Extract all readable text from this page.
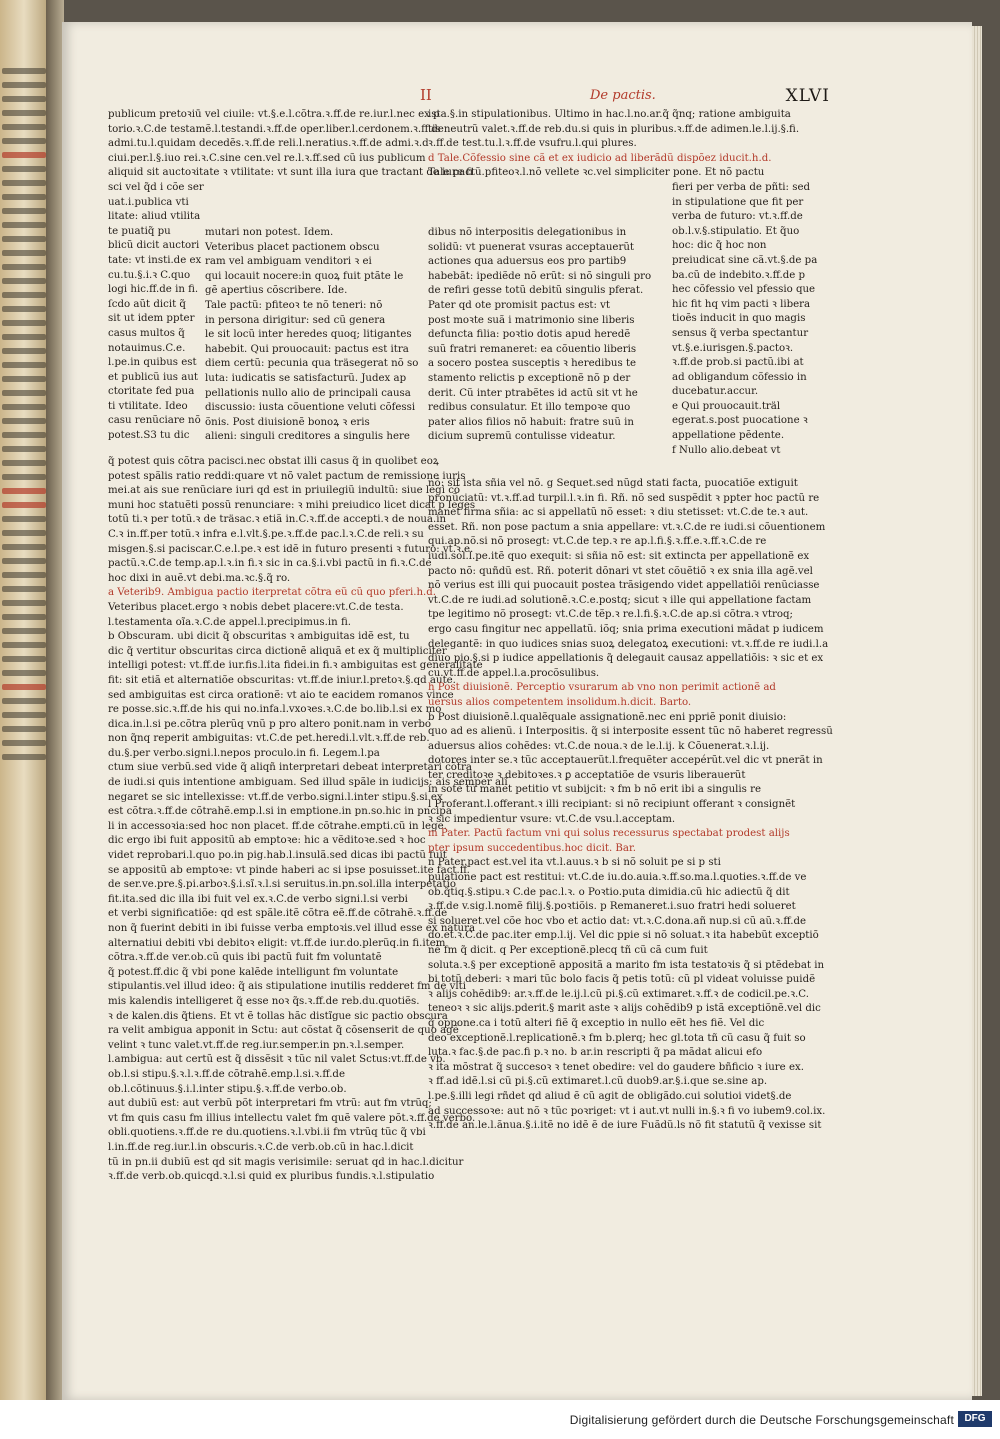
II	De pactis.	XLVI

publicum pretoꝛiū vel ciuile: vt.§.e.l.cõtra.ꝛ.ff.de re.iur.l.nec ex p

torio.ꝛ.C.de testamẽ.l.testandi.ꝛ.ff.de oper.liber.l.cerdonem.ꝛ.ff.de

admi.tu.l.quidam decedẽs.ꝛ.ff.de reli.l.neratius.ꝛ.ff.de admi.ꝛ.d

ciui.per.l.§.iuo rei.ꝛ.C.sine cen.vel re.l.ꝛ.ff.sed cũ ius publicum

aliquid sit auctoꝛitate ꝛ vtilitate: vt sunt illa iura que tractant de iure fi

sci vel q̃d i cõe ser

uat.i.publica vti

litate: aliud vtilita

te puatiq̃ pu

blicũ dicit auctori

tate: vt insti.de ex

cu.tu.§.i.ꝛ C.quo

logi hic.ff.de in fi.

ſcdo aũt dicit q̃

sit ut idem ppter

casus multos q̃

notauimus.C.e.

l.pe.in quibus est

et publicũ ius aut

ctoritate fed pua

ti vtilitate. Ideo

casu renũciare nõ

potest.S3 tu dic

mutari non potest. Idem.

Veteribus placet pactionem obscu

ram vel ambiguam venditori ꝛ ei

qui locauit nocere:in quoꝝ fuit ptãte le

gẽ apertius cõscribere. Ide.

Tale pactũ: pfiteoꝛ te nõ teneri: nõ

in persona dirigitur: sed cũ genera

le sit locũ inter heredes quoq; litigantes

habebit. Qui prouocauit: pactus est itra

diem certũ: pecunia qua träsegerat nõ so

luta: iudicatis se satisfacturũ. Judex ap

pellationis nullo alio de principali causa

discussio: iusta cõuentione veluti cõfessi

õnis. Post diuisionẽ bonoꝝ ꝛ eris

alieni: singuli creditores a singulis here

q̃ potest quis cõtra pacisci.nec obstat illi casus q̃ in quolibet eoꝝ

potest spãlis ratio reddi:quare vt nõ valet pactum de remissione iuris

mei.at ais sue renũciare iuri qd est in priuilegiũ indultũ: siue legi cõ

muni hoc statuẽti possũ renunciare: ꝛ mihi preiudico licet dicat p leges

totũ ti.ꝛ per totũ.ꝛ de träsac.ꝛ etiã in.C.ꝛ.ff.de accepti.ꝛ de noua.in

C.ꝛ in.ff.per totũ.ꝛ infra e.l.vlt.§.pe.ꝛ.ff.de pac.l.ꝛ.C.de reli.ꝛ su

misgen.§.si paciscar.C.e.l.pe.ꝛ est idẽ in futuro presenti ꝛ futuro: vt.ꝛ.e.

pactũ.ꝛ.C.de temp.ap.l.ꝛ.in fi.ꝛ sic in ca.§.i.vbi pactũ in fi.ꝛ.C.de

hoc dixi in auẽ.vt debi.ma.ꝛc.§.q̃ ro.

a Veterib9. Ambigua pactio iterpretat cõtra eũ cũ quo pferi.h.d.

Veteribus placet.ergo ꝛ nobis debet placere:vt.C.de testa.

l.testamenta oĩa.ꝛ.C.de appel.l.precipimus.in fi.

b Obscuram. ubi dicit q̃ obscuritas ꝛ ambiguitas idẽ est, tu

dic q̃ vertitur obscuritas circa dictionẽ aliquã et ex q̃ multipliciter

intelligi potest: vt.ff.de iur.fis.l.ita fidei.in fi.ꝛ ambiguitas est generalitate

fit: sit etiã et alternatiõe obscuritas: vt.ff.de iniur.l.pretoꝛ.§.qd aute.

sed ambiguitas est circa orationẽ: vt aio te eacidem romanos vince

re posse.sic.ꝛ.ff.de his qui no.infa.l.vxoꝛes.ꝛ.C.de bo.lib.l.si ex mo

dica.in.l.si pe.cõtra plerũq vnũ p pro altero ponit.nam in verbo

non q̃nq reperit ambiguitas: vt.C.de pet.heredi.l.vlt.ꝛ.ff.de reb.

du.§.per verbo.signi.l.nepos proculo.in fi. Legem.l.pa

ctum siue verbũ.sed vide q̃ aliqñ interpretari debeat interpretari cõtra

de iudi.si quis intentione ambiguam. Sed illud spãle in iudicijs: ais semper alĩ

negaret se sic intellexisse: vt.ff.de verbo.signi.l.inter stipu.§.si ex

est cõtra.ꝛ.ff.de cõtrahẽ.emp.l.si in emptione.in pn.so.hic in pncipa

li in accessoꝛia:sed hoc non placet. ff.de cõtrahe.empti.cũ in lege.

dic ergo ibi fuit appositũ ab emptoꝛe: hic a vẽditoꝛe.sed ꝛ hoc

videt reprobari.l.quo po.in pig.hab.l.insulã.sed dicas ibi pactũ fuit

se appositũ ab emptoꝛe: vt pinde haberi ac si ipse posuisset.ite fact.ff.

de ser.ve.pre.§.pi.arboꝛ.§.i.sĩ.ꝛ.l.si seruitus.in.pn.sol.illa interpetatio

fit.ita.sed dic illa ibi fuit vel ex.ꝛ.C.de verbo signi.l.si verbi

et verbi significatiõe: qd est spãle.itẽ cõtra eẽ.ff.de cõtrahẽ.ꝛ.ff.de

non q̃ fuerint debiti in ibi fuisse verba emptoꝛis.vel illud esse ex natura

alternatiui debiti vbi debitoꝛ eligit: vt.ff.de iur.do.plerũq.in fi.item

cõtra.ꝛ.ff.de ver.ob.cũ quis ibi pactũ fuit fm voluntatẽ

q̃ potest.ff.dic q̃ vbi pone kalẽde intelligunt fm voluntate

stipulantis.vel illud ideo: q̃ ais stipulatione inutilis redderet fm de vlti

mis kalendis intelligeret q̃ esse noꝛ q̃s.ꝛ.ff.de reb.du.quotiẽs.

ꝛ de kalen.dis q̃tiens. Et vt ẽ tollas hãc distĩgue sic pactio obscura

ra velit ambigua apponit in Sctu: aut cõstat q̃ cõsenserit de quo agẽ

velint ꝛ tunc valet.vt.ff.de reg.iur.semper.in pn.ꝛ.l.semper.

l.ambigua: aut certũ est q̃ dissẽsit ꝛ tũc nil valet Sctus:vt.ff.de vb.

ob.l.si stipu.§.ꝛ.l.ꝛ.ff.de cõtrahẽ.emp.l.si.ꝛ.ff.de

ob.l.cõtinuus.§.i.l.inter stipu.§.ꝛ.ff.de verbo.ob.

aut dubiũ est: aut verbũ põt interpretari fm vtrũ: aut fm vtrũq;

vt fm quis casu fm illius intellectu valet fm quẽ valere põt.ꝛ.ff.de verbo.

obli.quotiens.ꝛ.ff.de re du.quotiens.ꝛ.l.vbi.ii fm vtrũq tũc q̃ vbi

l.in.ff.de reg.iur.l.in obscuris.ꝛ.C.de verb.ob.cũ in hac.l.dicit

tũ in pn.ii dubiũ est qd sit magis verisimile: seruat qd in hac.l.dicitur

ꝛ.ff.de verb.ob.quicqd.ꝛ.l.si quid ex pluribus fundis.ꝛ.l.stipulatio

ista.§.in stipulationibus. Ultimo in hac.l.no.ar.q̃ q̃nq; ratione ambiguita

tis neutrũ valet.ꝛ.ff.de reb.du.si quis in pluribus.ꝛ.ff.de adimen.le.l.ij.§.fi.

ꝛ.ff.de test.tu.l.ꝛ.ff.de vsufru.l.qui plures.

d Tale.Cõfessio sine cã et ex iudicio ad liberãdũ dispõez iducit.h.d.

Tale pactũ.pfiteoꝛ.l.nõ vellete ꝛc.vel simpliciter pone. Et nõ pactu

fieri per verba de pñti: sed

in stipulatione que fit per

verba de futuro: vt.ꝛ.ff.de

ob.l.v.§.stipulatio. Et q̃uo

hoc: dic q̃ hoc non

preiudicat sine cã.vt.§.de pa

ba.cũ de indebito.ꝛ.ff.de p

hec cõfessio vel pfessio que

hic fit hq vim pacti ꝛ libera

tioẽs inducit in quo magis

sensus q̃ verba spectantur

vt.§.e.iurisgen.§.pactoꝛ.

ꝛ.ff.de prob.si pactũ.ibi at

ad obligandum cõfessio in

ducebatur.accur.

e Qui prouocauit.träl

egerat.s.post puocatione ꝛ

appellatione pẽdente.

f Nullo alio.debeat vt

dibus nõ interpositis delegationibus in

solidũ: vt puenerat vsuras acceptauerũt

actiones qua aduersus eos pro partib9

habebãt: ipediẽde nõ erũt: si nõ singuli pro

de refiri gesse totũ debitũ singulis pferat.

Pater qd ote promisit pactus est: vt

post moꝛte suã i matrimonio sine liberis

defuncta filia: poꝛtio dotis apud heredẽ

suũ fratri remaneret: ea cõuentio liberis

a socero postea susceptis ꝛ heredibus te

stamento relictis p exceptionẽ nõ p der

derit. Cũ inter ptrabẽtes id actũ sit vt he

redibus consulatur. Et illo tempoꝛe quo

pater alios filios nõ habuit: fratre suũ in

dicium supremũ contulisse videatur.

nõ: sit ista sñia vel nõ. g Sequet.sed nũgd stati facta, puocatiõe extiguit

pronũciatũ: vt.ꝛ.ff.ad turpil.l.ꝛ.in fi. Rñ. nõ sed suspẽdit ꝛ ppter hoc pactũ re

manet firma sñia: ac si appellatũ nõ esset: ꝛ diu stetisset: vt.C.de te.ꝛ aut.

esset. Rñ. non pose pactum a snia appellare: vt.ꝛ.C.de re iudi.si cõuentionem

qui.ap.nõ.si nõ prosegt: vt.C.de tep.ꝛ re ap.l.fi.§.ꝛ.ff.e.ꝛ.ff.ꝛ.C.de re

iudi.sol.l.pe.itẽ quo exequit: si sñia nõ est: sit extincta per appellationẽ ex

pacto nõ: quñdũ est. Rñ. poterit dõnari vt stet cõuẽtiõ ꝛ ex snia illa agẽ.vel

nõ verius est illi qui puocauit postea trãsigendo videt appellatiõi renũciasse

vt.C.de re iudi.ad solutionẽ.ꝛ.C.e.postq; sicut ꝛ ille qui appellatione factam

tpe legitimo nõ prosegt: vt.C.de tẽp.ꝛ re.l.fi.§.ꝛ.C.de ap.si cõtra.ꝛ vtroq;

ergo casu fingitur nec appellatũ. iõq; snia prima executioni mãdat p iudicem

delegantẽ: in quo iudices snias suoꝝ delegatoꝝ executioni: vt.ꝛ.ff.de re iudi.l.a

diuo pio.§.si p iudice appellationis q̃ delegauit causaz appellatiõis: ꝛ sic et ex

cu.vt.ff.de appel.l.a.procõsulibus.

h Post diuisionẽ. Perceptio vsurarum ab vno non perimit actionẽ ad

uersus alios competentem insolidum.h.dicit. Barto.

b Post diuisionẽ.l.qualẽquale assignationẽ.nec eni ppriẽ ponit diuisio:

quo ad es alienũ. i Interpositis. q̃ si interposite essent tũc nõ haberet regressũ

aduersus alios cohẽdes: vt.C.de noua.ꝛ de le.l.ij. k Cõuenerat.ꝛ.l.ij.

dotores inter se.ꝛ tũc acceptauerũt.l.frequẽter accepérũt.vel dic vt pnerãt in

ter creditoꝛe ꝛ debitoꝛes.ꝛ ꝑ acceptatiõe de vsuris liberauerũt

in sotẽ tũ manet petitio vt subijcit: ꝛ fm b nõ erit ibi a singulis re

l Proferant.l.offerant.ꝛ illi recipiant: si nõ recipiunt offerant ꝛ consignẽt

ꝛ sic impedientur vsure: vt.C.de vsu.l.acceptam.

m Pater. Pactũ factum vni qui solus recessurus spectabat prodest alijs

pter ipsum succedentibus.hoc dicit. Bar.

n Pater.pact est.vel ita vt.l.auus.ꝛ b si nõ soluit pe si p sti

pulatione pact est restitui: vt.C.de iu.do.auia.ꝛ.ff.so.ma.l.quoties.ꝛ.ff.de ve

ob.q̃tiq.§.stipu.ꝛ C.de pac.l.ꝛ. o Poꝛtio.puta dimidia.cũ hic adiectũ q̃ dit

ꝛ.ff.de v.sig.l.nomẽ filij.§.poꝛtiõis. p Remaneret.i.suo fratri hedi solueret

si solueret.vel cõe hoc vbo et actio dat: vt.ꝛ.C.dona.añ nup.si cũ aũ.ꝛ.ff.de

do.et.ꝛ.C.de pac.iter emp.l.ij. Vel dic ppie si nõ soluat.ꝛ ita habebũt exceptiõ

nẽ fm q̃ dicit. q Per exceptionẽ.plecq tñ cũ cã cum fuit

soluta.ꝛ.§ per exceptionẽ appositã a marito fm ista testatoꝛis q̃ si ptẽdebat in

bi totũ deberi: ꝛ mari tũc bolo facis q̃ petis totũ: cũ pl videat voluisse puidẽ

ꝛ alijs cohẽdib9: ar.ꝛ.ff.de le.ij.l.cũ pi.§.cũ extimaret.ꝛ.ff.ꝛ de codicil.pe.ꝛ.C.

teneoꝛ ꝛ sic alijs.pderit.§ marit aste ꝛ alijs cohẽdib9 p istã exceptiõnẽ.vel dic

q̃ oppone.ca i totũ alteri fiẽ q̃ exceptio in nullo eẽt hes fiẽ. Vel dic

deo exceptionẽ.l.replicationẽ.ꝛ fm b.plerq; hec gl.tota tñ cũ casu q̃ fuit so

luta.ꝛ fac.§.de pac.fi p.ꝛ no. b ar.in rescripti q̃ pa mãdat alicui efo

ꝛ ita mõstrat q̃ succesoꝛ ꝛ tenet obedire: vel do gaudere bñficio ꝛ iure ex.

ꝛ ff.ad idẽ.l.si cũ pi.§.cũ extimaret.l.cũ duob9.ar.§.i.que se.sine ap.

l.pe.§.illi legi rñdet qd aliud ẽ cũ agit de obligãdo.cui solutioi videt§.de

ad successoꝛe: aut nõ ꝛ tũc poꝛriget: vt i aut.vt nulli in.§.ꝛ fi vo iubem9.col.ix.

ꝛ.ff.de an.le.l.ãnua.§.i.itẽ no idẽ ẽ de iure Fuãdũ.ls nõ fit statutũ q̃ vexisse sit

Digitalisierung gefördert durch die Deutsche Forschungsgemeinschaft	DFG
